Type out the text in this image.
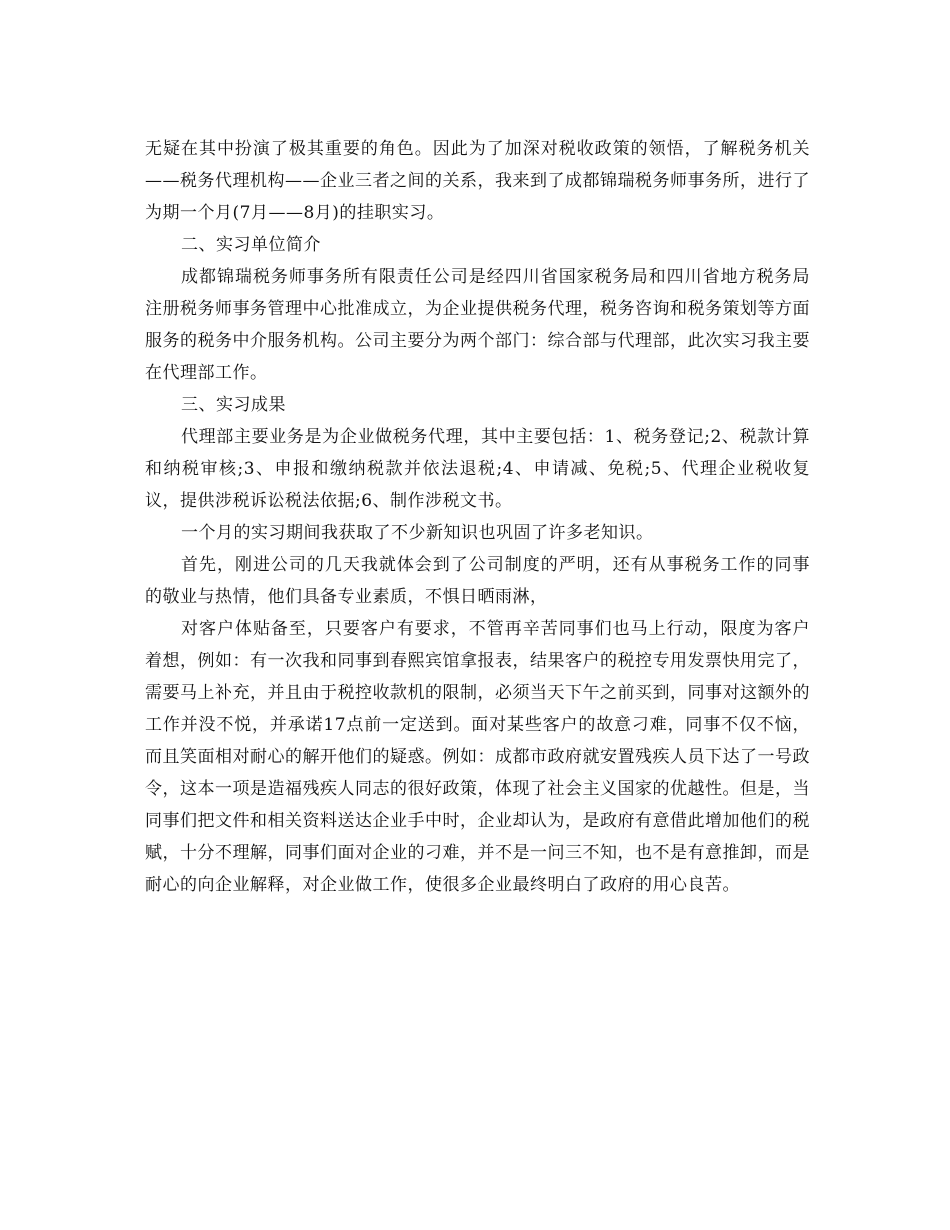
无疑在其中扮演了极其重要的角色。因此为了加深对税收政策的领悟，了解税务机关——税务代理机构——企业三者之间的关系，我来到了成都锦瑞税务师事务所，进行了为期一个月(7月——8月)的挂职实习。

二、实习单位简介

成都锦瑞税务师事务所有限责任公司是经四川省国家税务局和四川省地方税务局注册税务师事务管理中心批准成立，为企业提供税务代理，税务咨询和税务策划等方面服务的税务中介服务机构。公司主要分为两个部门：综合部与代理部，此次实习我主要在代理部工作。

三、实习成果

代理部主要业务是为企业做税务代理，其中主要包括：1、税务登记;2、税款计算和纳税审核;3、申报和缴纳税款并依法退税;4、申请减、免税;5、代理企业税收复议，提供涉税诉讼税法依据;6、制作涉税文书。

一个月的实习期间我获取了不少新知识也巩固了许多老知识。

首先，刚进公司的几天我就体会到了公司制度的严明，还有从事税务工作的同事的敬业与热情，他们具备专业素质，不惧日晒雨淋，

对客户体贴备至，只要客户有要求，不管再辛苦同事们也马上行动，限度为客户着想，例如：有一次我和同事到春熙宾馆拿报表，结果客户的税控专用发票快用完了，需要马上补充，并且由于税控收款机的限制，必须当天下午之前买到，同事对这额外的工作并没不悦，并承诺17点前一定送到。面对某些客户的故意刁难，同事不仅不恼，而且笑面相对耐心的解开他们的疑惑。例如：成都市政府就安置残疾人员下达了一号政令，这本一项是造福残疾人同志的很好政策，体现了社会主义国家的优越性。但是，当同事们把文件和相关资料送达企业手中时，企业却认为，是政府有意借此增加他们的税赋，十分不理解，同事们面对企业的刁难，并不是一问三不知，也不是有意推卸，而是耐心的向企业解释，对企业做工作，使很多企业最终明白了政府的用心良苦。
